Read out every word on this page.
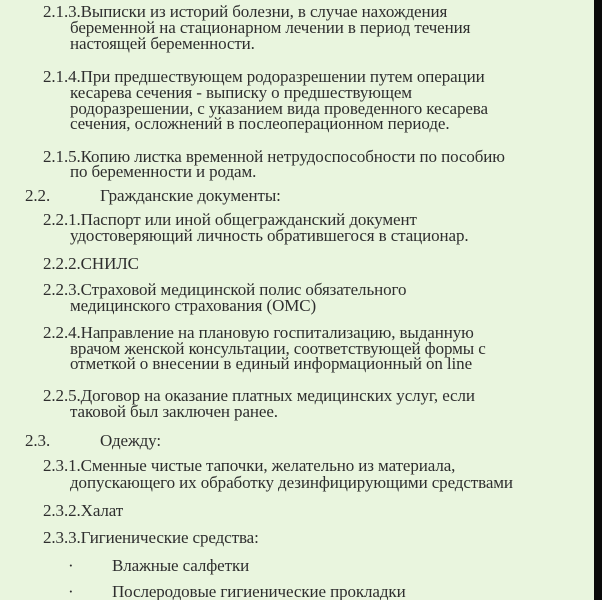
2.1.3.Выписки из историй болезни, в случае нахождения
беременной на стационарном лечении в период течения
настоящей беременности.
2.1.4.При предшествующем родоразрешении путем операции
кесарева сечения - выписку о предшествующем
родоразрешении, с указанием вида проведенного кесарева
сечения, осложнений в послеоперационном периоде.
2.1.5.Копию листка временной нетрудоспособности по пособию
по беременности и родам.
2.2.	Гражданские документы:
2.2.1.Паспорт или иной общегражданский документ
удостоверяющий личность обратившегося в стационар.
2.2.2.СНИЛС
2.2.3.Страховой медицинской полис обязательного
медицинского страхования (ОМС)
2.2.4.Направление на плановую госпитализацию, выданную
врачом женской консультации, соответствующей формы с
отметкой о внесении в единый информационный on line
2.2.5.Договор на оказание платных медицинских услуг, если
таковой был заключен ранее.
2.3.	Одежду:
2.3.1.Сменные чистые тапочки, желательно из материала,
допускающего их обработку дезинфицирующими средствами
2.3.2.Халат
2.3.3.Гигиенические средства:
· Влажные салфетки
· Послеродовые гигиенические прокладки
